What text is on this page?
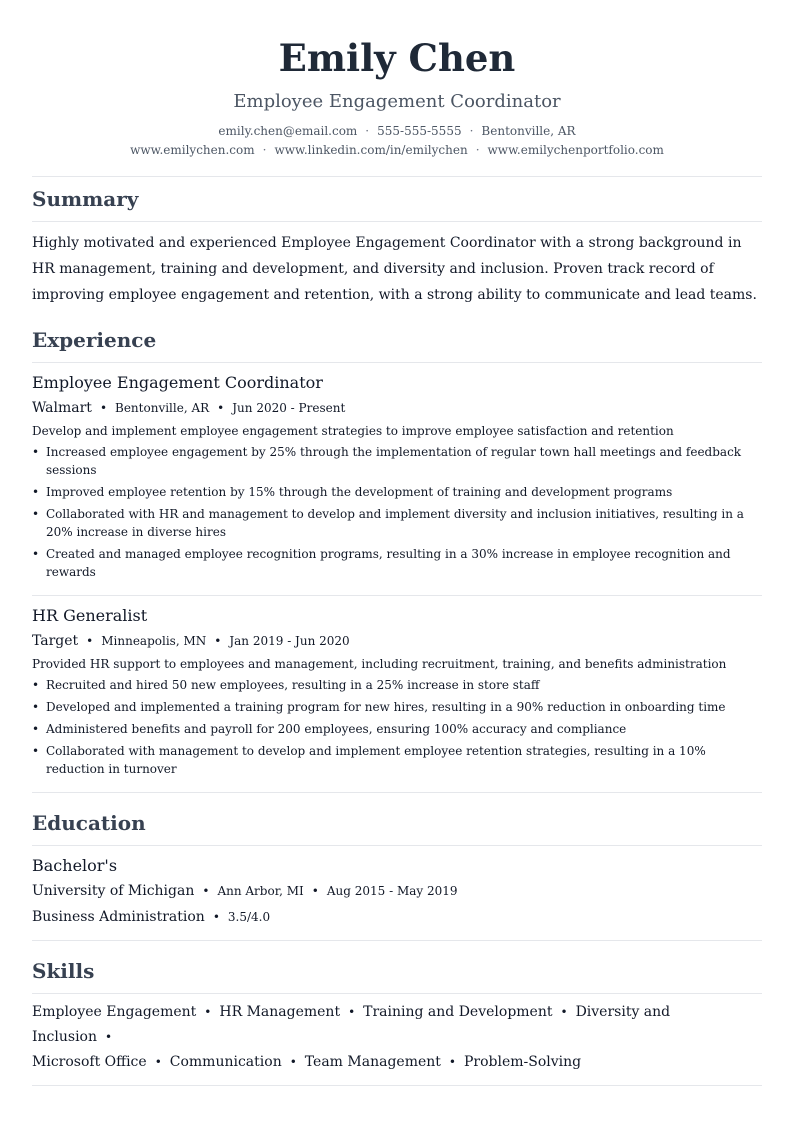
Emily Chen
Employee Engagement Coordinator
emily.chen@email.com · 555-555-5555 · Bentonville, AR
www.emilychen.com · www.linkedin.com/in/emilychen · www.emilychenportfolio.com
Summary
Highly motivated and experienced Employee Engagement Coordinator with a strong background in HR management, training and development, and diversity and inclusion. Proven track record of improving employee engagement and retention, with a strong ability to communicate and lead teams.
Experience
Employee Engagement Coordinator
Walmart • Bentonville, AR • Jun 2020 - Present
Develop and implement employee engagement strategies to improve employee satisfaction and retention
• Increased employee engagement by 25% through the implementation of regular town hall meetings and feedback sessions
• Improved employee retention by 15% through the development of training and development programs
• Collaborated with HR and management to develop and implement diversity and inclusion initiatives, resulting in a 20% increase in diverse hires
• Created and managed employee recognition programs, resulting in a 30% increase in employee recognition and rewards
HR Generalist
Target • Minneapolis, MN • Jan 2019 - Jun 2020
Provided HR support to employees and management, including recruitment, training, and benefits administration
• Recruited and hired 50 new employees, resulting in a 25% increase in store staff
• Developed and implemented a training program for new hires, resulting in a 90% reduction in onboarding time
• Administered benefits and payroll for 200 employees, ensuring 100% accuracy and compliance
• Collaborated with management to develop and implement employee retention strategies, resulting in a 10% reduction in turnover
Education
Bachelor's
University of Michigan • Ann Arbor, MI • Aug 2015 - May 2019
Business Administration • 3.5/4.0
Skills
Employee Engagement • HR Management • Training and Development • Diversity and Inclusion •
Microsoft Office • Communication • Team Management • Problem-Solving
